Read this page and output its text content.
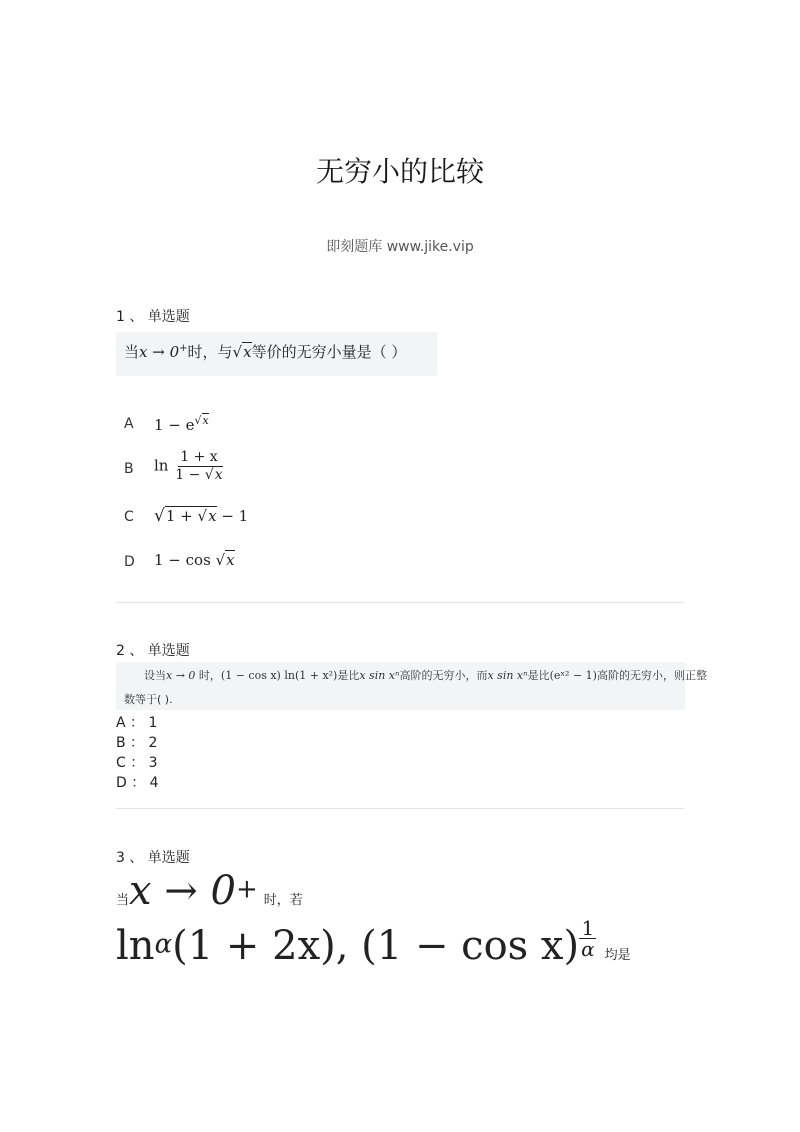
无穷小的比较
即刻题库 www.jike.vip
1 、 单选题
当x → 0+时，与√x等价的无穷小量是（ ）
A $1 - e^{√x}$
B $\ln \frac{1 + x}{1 - √x}$
C √1 + √x − 1
D 1 − cos √x
2 、 单选题
设当x → 0 时，(1 − cos x) ln(1 + x²)是比x sin xⁿ高阶的无穷小，而x sin xⁿ是比(eˣ² − 1)高阶的无穷小，则正整
数等于( ).
A ： 1
B ： 2
C ： 3
D ： 4
3 、 单选题
当x → 0+ 时，若
$\ln^\alpha(1 + 2x)$, $(1 - \cos x) \frac{1}{\alpha}$ 均是
